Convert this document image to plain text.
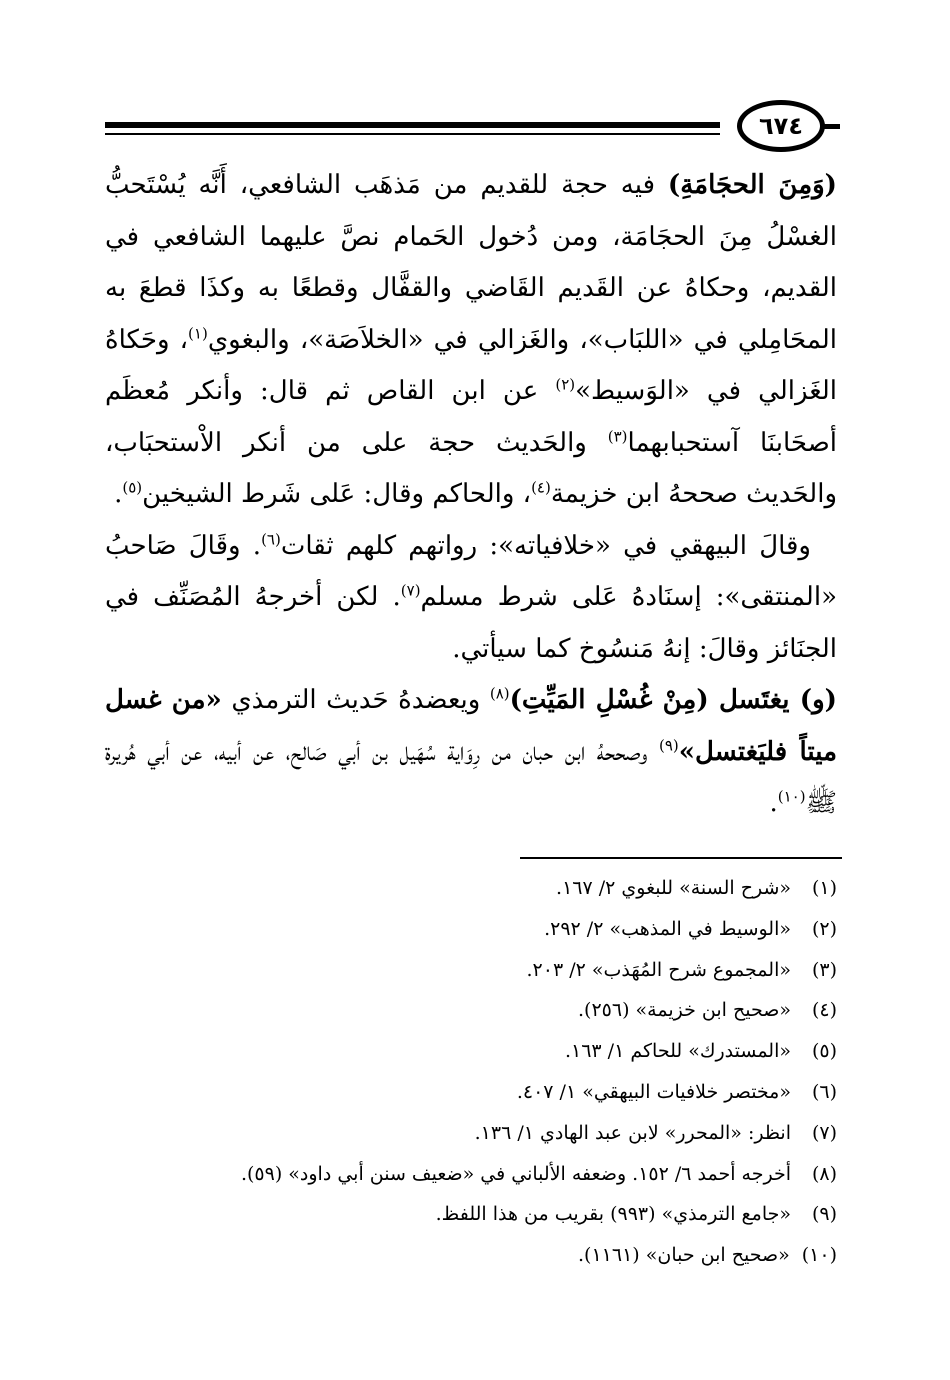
٦٧٤

(وَمِنَ الحجَامَةِ) فيه حجة للقديم من مَذهَب الشافعي، أَنَّه يُسْتَحبُّ الغسْلُ مِنَ الحجَامَة، ومن دُخول الحَمام نصَّ عليهما الشافعي في القديم، وحكاهُ عن القَديم القَاضي والقفَّال وقطعًا به وكذَا قطعَ به المحَامِلي في «اللبَاب»، والغَزالي في «الخلاَصَة»، والبغوي$^{(١)}$، وحَكاهُ الغَزالي في «الوَسيط»$^{(٢)}$ عن ابن القاص ثم قال: وأنكر مُعظَم أصحَابنَا آستحبابهما$^{(٣)}$ والحَديث حجة على من أنكر الاْستحبَاب، والحَديث صححهُ ابن خزيمة$^{(٤)}$، والحاكم وقال: عَلى شَرط الشيخين$^{(٥)}$.

وقالَ البيهقي في «خلافياته»: رواتهم كلهم ثقات$^{(٦)}$. وقَالَ صَاحبُ «المنتقى»: إسنَادهُ عَلى شرط مسلم$^{(٧)}$. لكن أخرجهُ المُصَنِّف في الجنَائز وقالَ: إنهُ مَنسُوخ كما سيأتي.

(و) يغتَسل (مِنْ غُسْلِ المَيِّتِ)$^{(٨)}$ ويعضدهُ حَديث الترمذي «من غسل ميتاً فليَغتسل»$^{(٩)}$ وصححهُ ابن حبان من رِوَاية سُهَيل بن أبي صَالح، عن أبيه، عن أبي هُريرة ﷺ$^{(١٠)}$.

(١)«شرح السنة» للبغوي ٢/ ١٦٧.
(٢)«الوسيط في المذهب» ٢/ ٢٩٢.
(٣)«المجموع شرح المُهَذب» ٢/ ٢٠٣.
(٤)«صحيح ابن خزيمة» (٢٥٦).
(٥)«المستدرك» للحاكم ١/ ١٦٣.
(٦)«مختصر خلافيات البيهقي» ١/ ٤٠٧.
(٧)انظر: «المحرر» لابن عبد الهادي ١/ ١٣٦.
(٨)أخرجه أحمد ٦/ ١٥٢. وضعفه الألباني في «ضعيف سنن أبي داود» (٥٩).
(٩)«جامع الترمذي» (٩٩٣) بقريب من هذا اللفظ.
(١٠)«صحيح ابن حبان» (١١٦١).
